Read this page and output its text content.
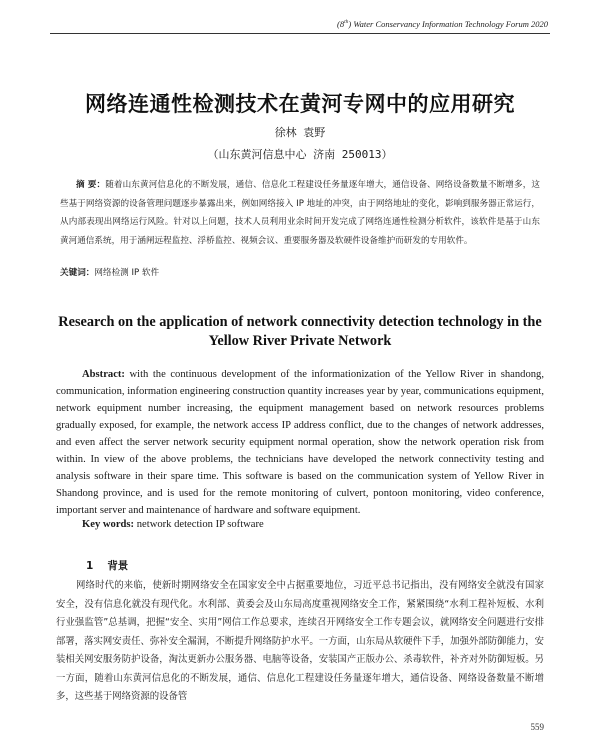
(8th) Water Conservancy Information Technology Forum 2020
网络连通性检测技术在黄河专网中的应用研究
徐林 袁野
（山东黄河信息中心 济南 250013）
摘 要：随着山东黄河信息化的不断发展，通信、信息化工程建设任务量逐年增大，通信设备、网络设备数量不断增多，这些基于网络资源的设备管理问题逐步暴露出来，例如网络接入 IP 地址的冲突，由于网络地址的变化，影响到服务器正常运行，从内部表现出网络运行风险。针对以上问题，技术人员利用业余时间开发完成了网络连通性检测分析软件，该软件是基于山东黄河通信系统，用于涵闸远程监控、浮桥监控、视频会议、重要服务器及软硬件设备维护而研发的专用软件。
关键词：网络检测 IP 软件
Research on the application of network connectivity detection technology in the Yellow River Private Network
Abstract: with the continuous development of the informationization of the Yellow River in shandong, communication, information engineering construction quantity increases year by year, communications equipment, network equipment number increasing, the equipment management based on network resources problems gradually exposed, for example, the network access IP address conflict, due to the changes of network addresses, and even affect the server network security equipment normal operation, show the network operation risk from within. In view of the above problems, the technicians have developed the network connectivity testing and analysis software in their spare time. This software is based on the communication system of Yellow River in Shandong province, and is used for the remote monitoring of culvert, pontoon monitoring, video conference, important server and maintenance of hardware and software equipment.
Key words: network detection IP software
1 背景
网络时代的来临，使新时期网络安全在国家安全中占据重要地位，习近平总书记指出，没有网络安全就没有国家安全，没有信息化就没有现代化。水利部、黄委会及山东局高度重视网络安全工作，紧紧围绕“水利工程补短板、水利行业强监管”总基调，把握“安全、实用”网信工作总要求，连续召开网络安全工作专题会议，就网络安全问题进行安排部署，落实网安责任、弥补安全漏洞，不断提升网络防护水平。一方面，山东局从软硬件下手，加强外部防御能力，安装相关网安服务防护设备，淘汰更新办公服务器、电脑等设备，安装国产正版办公、杀毒软件，补齐对外防御短板。另一方面，随着山东黄河信息化的不断发展，通信、信息化工程建设任务量逐年增大，通信设备、网络设备数量不断增多，这些基于网络资源的设备管
559
